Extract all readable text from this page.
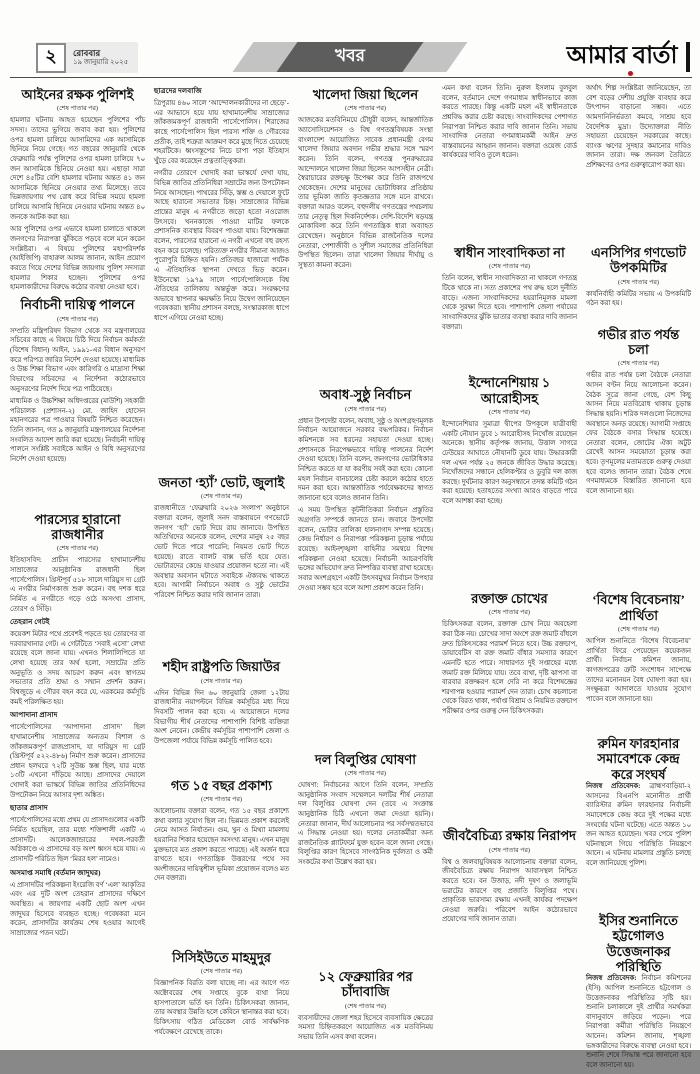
২ রোববার
১৯ জানুয়ারি ২০২৫	খবর	আমার বার্তা
আইনের রক্ষক পুলিশই
(শেষ পাতার পর)
হামলার ঘটনায় আহত হয়েছেন পুলিশের পাঁচ সদস্য। তাদের ভুগিয়ে জবাব করা হয়। পুলিশের ওপর হামলা চালিয়ে আসামিদের এক আসামিকে ছিনিয়ে নিয়ে গেছে। গত বছরের জানুয়ারি থেকে ফেব্রুয়ারি পর্যন্ত পুলিশের ওপর হামলা চালিয়ে ৭০ জন আসামিকে ছিনিয়ে নেওয়া হয়। এছাড়া সারা দেশে ৪৫টির বেশি হামলার ঘটনায় অন্তত ৪১ জন আসামিকে ছিনিয়ে নেওয়ার তথ্য মিলেছে। তবে ভিন্নজায়গায় পথ রোধ করে বিভিন্ন সময়ে হামলা চালিয়ে আসামি ছিনিয়ে নেওয়ার ঘটনায় অন্তত ৪০ জনকে আটক করা হয়।
আর পুলিশের ওপর এভাবে হামলা চালাতে থাকলে জনগণের নিরাপত্তা ঝুঁকিতে পড়বে বলে মনে করেন সংশ্লিষ্টরা। এ বিষয়ে পুলিশের মহাপরিদর্শক (আইজিপি) বাহারুল আলম জানান, আইন প্রয়োগ করতে গিয়ে দেশের বিভিন্ন জায়গায় পুলিশ সদস্যরা হামলার শিকার হচ্ছেন। পুলিশের ওপর হামলাকারীদের বিরুদ্ধে কঠোর ব্যবস্থা নেওয়া হবে।
নির্বাচনী দায়িত্ব পালনে
(শেষ পাতার পর)
সম্প্রতি মন্ত্রিপরিষদ বিভাগ থেকে সব মন্ত্রণালয়ের সচিবের কাছে এ বিষয়ে চিঠি দিয়ে নির্বাচন কর্মকর্তা (বিশেষ বিধান) আইন, ১৯৯১-এর বিধান অনুসরণ করে পরিপত্র জারির নির্দেশ দেওয়া হয়েছে। মাধ্যমিক ও উচ্চ শিক্ষা বিভাগ এবং কারিগরি ও মাদ্রাসা শিক্ষা বিভাগের সচিবদের এ নির্দেশনা কঠোরভাবে অনুসরণের নির্দেশ দিয়ে পত্র পাঠিয়েছে।
মাধ্যমিক ও উচ্চশিক্ষা অধিদপ্তরের (মাউশি) সহকারী পরিচালক (প্রশাসন-২) মো. জাহিদ হোসেন মহানগরের পত্র পাওয়ার বিষয়টি নিশ্চিত করেছেন। তিনি জানান, গত ৯ জানুয়ারি মন্ত্রণালয়ের নির্দেশনা সংবলিত আদেশ জারি করা হয়েছে। নির্বাচনী দায়িত্ব পালনে সংশ্লিষ্ট সবাইকে আইন ও বিধি অনুসরণের নির্দেশ দেওয়া হয়েছে।
পারস্যের হারানো রাজধানীর
(শেষ পাতার পর)
ইতিহাসবিদ: প্রাচীন পারস্যের হাখামানেশীয় সাম্রাজ্যের আনুষ্ঠানিক রাজধানী ছিল পার্সেপোলিস। খ্রিস্টপূর্ব ৫১৮ সালে দারিয়ুস দ্য গ্রেট এ নগরীর নির্মাণকাজ শুরু করেন। বহু দশক ধরে নির্মিত এ নগরীতে গড়ে ওঠে অসংখ্য প্রাসাদ, তোরণ ও সিঁড়ি।
তেহরান গেটই
কয়েকশ মিটার পথে প্রবেশই পড়তে হয় তোরণের বা দরবারখানার গেট। এ গেটটিতে ‘সবাই এসো’ লেখা রয়েছে বলে জানা যায়। এখনও শিলালিপিতে যা লেখা হয়েছে তার অর্থ হলো, সম্রাটের প্রতি অনুভূতি ও সদয় আচরণ করুন এবং স্বাগতম সভ্যতার প্রতি শ্রদ্ধা ও সম্মান প্রদর্শন করুন। বিশ্বজুড়ে এ গৌরব বহন করে যে, এরকমের কর্মসূচি কমই পরিলক্ষিত হয়।
আপাদানা প্রাসাদ
পার্সেপোলিসের ‘আপাদানা প্রাসাদ’ ছিল হাখামানেশীয় সাম্রাজ্যের অন্যতম বিশাল ও জাঁকজমকপূর্ণ রাজপ্রাসাদ, যা দারিয়ুস দ্য গ্রেট (খ্রিস্টপূর্ব ৫২২-৪৮৬) নির্মাণ শুরু করেন। প্রাসাদের প্রধান হলঘরে ৭২টি সুউচ্চ স্তম্ভ ছিল, যার মধ্যে ১৩টি এখনো দাঁড়িয়ে আছে। প্রাসাদের দেয়ালে খোদাই করা ভাস্কর্যে বিভিন্ন জাতির প্রতিনিধিদের উপঢৌকন নিয়ে আসার দৃশ্য অঙ্কিত।
ছাতার প্রাসাদ
পার্সেপোলিসের মধ্যে প্রথম যে প্রাসাদগুলোর একটি নির্মিত হয়েছিল, তার মধ্যে শক্তিশালী একটি এ প্রাসাদটি। আলেকজান্ডারের দখল-পরবর্তী অগ্নিকাণ্ডে এ প্রাসাদের বড় অংশ ধ্বংস হয়ে যায়। এ প্রাসাদটি পরিচিত ছিল ‘মিরর হল’ নামেও।
অসমাপ্ত সমাধি (বর্তমান জাদুঘর)
এ প্রাসাদটির পরিকল্পনা ইংরেজি বর্ণ ‘এল’ আকৃতির এবং এর দুটি অংশ তেহরান প্রাসাদের দক্ষিণে অবস্থিত। এ জায়গার একটি ছোট অংশ এখন জাদুঘর হিসেবে ব্যবহৃত হচ্ছে। গবেষকরা মনে করেন, প্রাসাদটির কার্যক্রম শেষ হওয়ার আগেই সাম্রাজ্যের পতন ঘটে।
ছাত্রদের দলবাজি
ত্রিপুরায় ৪৬০ সালে ‘আন্দোলনকারীদের না ছেড়ে’-এর আভাসে হয়ে যায় হাখামানেশীয় সাম্রাজ্যের জাঁকজমকপূর্ণ রাজধানী পার্সেপোলিস। শিরাজের কাছে পার্সেপোলিস ছিল পারস্য শক্তি ও গৌরবের প্রতীক, তাই শত্রুরা আক্রমণ করে মুছে দিতে চেয়েছে শহরটিকে। ধ্বংসস্তূপের নিচে চাপা পড়া ইতিহাস খুঁড়ে বের করেছেন প্রত্নতাত্ত্বিকরা।
নগরীর তোরণে খোদাই করা ভাস্কর্যে দেখা যায়, বিভিন্ন জাতির প্রতিনিধিরা সম্রাটের জন্য উপঢৌকন নিয়ে আসছেন। পাথরের সিঁড়ি, স্তম্ভ ও দেয়ালে ফুটে আছে হারানো সভ্যতার চিহ্ন। সাম্রাজ্যের বিভিন্ন প্রান্তের মানুষ এ নগরীতে জড়ো হতো নওরোজ উৎসবে। খননকাজে পাওয়া মাটির ফলকে প্রশাসনিক ব্যবস্থার বিবরণ পাওয়া যায়। বিশেষজ্ঞরা বলেন, পারস্যের হারানো এ নগরী এখনো বহু রহস্য বহন করে চলেছে। পরিত্যক্ত নগরীর সীমানা আজও পুরোপুরি চিহ্নিত হয়নি। প্রতিবছর হাজারো পর্যটক এ ঐতিহাসিক স্থাপনা দেখতে ভিড় করেন। ইউনেস্কো ১৯৭৯ সালে পার্সেপোলিসকে বিশ্ব ঐতিহ্যের তালিকায় অন্তর্ভুক্ত করে। সংরক্ষণের অভাবে স্থাপনার ক্ষয়ক্ষতি নিয়ে উদ্বেগ জানিয়েছেন গবেষকরা। স্থানীয় প্রশাসন বলছে, সংস্কারকাজ ধাপে ধাপে এগিয়ে নেওয়া হচ্ছে।
জনতা ‘হ্যাঁ’ ভোট, জুলাই
(শেষ পাতার পর)
রাজধানীতে ‘ফেব্রুয়ারি ২০২৬ সংলাপ’ অনুষ্ঠানে বক্তারা বলেন, জুলাই সনদ বাস্তবায়নে গণভোটে জনগণ ‘হ্যাঁ’ ভোট দিয়ে রায় জানাবে। উপস্থিত অতিথিদের অনেকে বলেন, দেশের মানুষ ২৫ বছর ভোট দিতে পারে পারেনি; নিয়মত ভোট দিতে হয়েছে। রাতে ব্যালট বাক্স ভর্তি হয়ে যেত। ভোটারদের কেন্দ্রে যাওয়ার প্রয়োজন হতো না। এই অবস্থার অবসান ঘটাতে সবাইকে ঐক্যবদ্ধ থাকতে হবে। আগামী নির্বাচনে অবাধ ও সুষ্ঠু ভোটের পরিবেশ নিশ্চিত করার দাবি জানান তারা।
শহীদ রাষ্ট্রপতি জিয়াউর
(শেষ পাতার পর)
এদিন বিভিন্ন দিন ৬০ জানুয়ারি জেলা ১২টায় রাজধানীর নয়াপল্টনে বিভিন্ন কর্মসূচির মধ্য দিয়ে দিবসটি পালন করা হবে। এ আয়োজনে দলের বিভাগীয় শীর্ষ নেতাদের পাশাপাশি বিশিষ্ট ব্যক্তিরা অংশ নেবেন। কেন্দ্রীয় কর্মসূচির পাশাপাশি জেলা ও উপজেলা পর্যায়ে বিভিন্ন কর্মসূচি পালিত হবে।
গত ১৫ বছর প্রকাশ্য
(শেষ পাতার পর)
আলোচনায় বক্তারা বলেন, গত ১৫ বছর প্রকাশ্যে কথা বলার সুযোগ ছিল না। ভিন্নমত প্রকাশ করলেই নেমে আসত নির্যাতন। গুম, খুন ও মিথ্যা মামলায় হয়রানির শিকার হয়েছেন অসংখ্য মানুষ। এখন মানুষ মুক্তভাবে মত প্রকাশ করতে পারছে। এই অর্জন ধরে রাখতে হবে। গণতান্ত্রিক উত্তরণের পথে সব অংশীজনের দায়িত্বশীল ভূমিকা প্রয়োজন বলেও মত দেন বক্তারা।
সিসিইউতে মাহমুদুর
(শেষ পাতার পর)
বিজ্ঞাপনিক বিরতি বলা যাচ্ছে না। এর আগে গত অক্টোবরের শেষ সপ্তাহে বুকে ব্যথা নিয়ে হাসপাতালে ভর্তি হন তিনি। চিকিৎসকরা জানান, তার অবস্থার উন্নতি হলে কেবিনে স্থানান্তর করা হবে। চিকিৎসায় গঠিত মেডিকেল বোর্ড সার্বক্ষণিক পর্যবেক্ষণে রেখেছে তাকে।
খালেদা জিয়া ছিলেন
(শেষ পাতার পর)
আজকের মতবিনিময়ে চৌধুরী বলেন, আন্তর্জাতিক অ্যাসোসিয়েশনস ও বিশ্ব গণতন্ত্রবিষয়ক সংস্থা বাংলাদেশ আয়োজিত সাবেক প্রধানমন্ত্রী বেগম খালেদা জিয়ার অবদান গভীর শ্রদ্ধার সঙ্গে স্মরণ করেন। তিনি বলেন, গণতন্ত্র পুনরুদ্ধারের আন্দোলনে খালেদা জিয়া ছিলেন আপসহীন নেত্রী। স্বৈরাচারের রক্তচক্ষু উপেক্ষা করে তিনি রাজপথে থেকেছেন। দেশের মানুষের ভোটাধিকার প্রতিষ্ঠায় তার ভূমিকা জাতি কৃতজ্ঞতার সঙ্গে মনে রাখবে। বক্তারা আরও বলেন, বহুদলীয় গণতন্ত্রের পথচলায় তার নেতৃত্ব ছিল দিকনির্দেশক। দেশি-বিদেশি ষড়যন্ত্র মোকাবিলা করে তিনি গণতান্ত্রিক ধারা অব্যাহত রেখেছেন। অনুষ্ঠানে বিভিন্ন রাজনৈতিক দলের নেতারা, পেশাজীবী ও সুশীল সমাজের প্রতিনিধিরা উপস্থিত ছিলেন। তারা খালেদা জিয়ার দীর্ঘায়ু ও সুস্থতা কামনা করেন।
অবাধ-সুষ্ঠু নির্বাচন
(শেষ পাতার পর)
প্রধান উপদেষ্টা বলেন, অবাধ, সুষ্ঠু ও অংশগ্রহণমূলক নির্বাচন আয়োজনে সরকার বদ্ধপরিকর। নির্বাচন কমিশনকে সব ধরনের সহায়তা দেওয়া হচ্ছে। প্রশাসনকে নিরপেক্ষভাবে দায়িত্ব পালনের নির্দেশ দেওয়া হয়েছে। তিনি বলেন, জনগণের ভোটাধিকার নিশ্চিত করতে যা যা করণীয় সবই করা হবে। কোনো মহল নির্বাচন বানচালের চেষ্টা করলে কঠোর হাতে দমন করা হবে। আন্তর্জাতিক পর্যবেক্ষকদের স্বাগত জানানো হবে বলেও জানান তিনি।
এ সময় উপস্থিত কূটনীতিকরা নির্বাচন প্রস্তুতির অগ্রগতি সম্পর্কে জানতে চান। জবাবে উপদেষ্টা বলেন, ভোটার তালিকা হালনাগাদ সম্পন্ন হয়েছে। কেন্দ্র নির্ধারণ ও নিরাপত্তা পরিকল্পনা চূড়ান্ত পর্যায়ে রয়েছে। আইনশৃঙ্খলা বাহিনীর সমন্বয়ে বিশেষ পরিকল্পনা নেওয়া হয়েছে। নির্বাচনী আচরণবিধি ভঙ্গের অভিযোগ দ্রুত নিষ্পত্তির ব্যবস্থা রাখা হয়েছে। সবার অংশগ্রহণে একটি উৎসবমুখর নির্বাচন উপহার দেওয়া সম্ভব হবে বলে আশা প্রকাশ করেন তিনি।
দল বিলুপ্তির ঘোষণা
(শেষ পাতার পর)
ঘোষণা: নির্বাচনের আগে তিনি বলেন, সম্প্রতি আনুষ্ঠানিক সংবাদ সম্মেলনে দলটির শীর্ষ নেতারা দল বিলুপ্তির ঘোষণা দেন (তবে এ সংক্রান্ত আনুষ্ঠানিক চিঠি এখনো জমা দেওয়া হয়নি)। নেতারা জানান, দীর্ঘ আলোচনার পর সর্বসম্মতভাবে এ সিদ্ধান্ত নেওয়া হয়। দলের নেতাকর্মীরা অন্য রাজনৈতিক প্ল্যাটফর্মে যুক্ত হবেন বলে জানা গেছে। বিলুপ্তির কারণ হিসেবে সাংগঠনিক দুর্বলতা ও কর্মী সংকটের কথা উল্লেখ করা হয়।
১২ ফেব্রুয়ারির পর চাঁদাবাজি
(শেষ পাতার পর)
ব্যবসায়ীদের জেলা শহর হিসেবে ব্যবসায়িক ক্ষেত্রের সমস্যা চিহ্নিতকরণে আয়োজিত এক মতবিনিময় সভায় তিনি এসব কথা বলেন।
এমন কথা বলেন তিনি। নুরুল ইসলাম বুলবুল বলেন, বর্তমানে দেশে গণমাধ্যম স্বাধীনভাবে কাজ করতে পারছে। কিন্তু একটি মহল এই স্বাধীনতাকে প্রশ্নবিদ্ধ করার চেষ্টা করছে। সাংবাদিকদের পেশাগত নিরাপত্তা নিশ্চিত করার দাবি জানান তিনি। সভায় সাংবাদিক নেতারা গণমাধ্যমকর্মী আইন দ্রুত বাস্তবায়নের আহ্বান জানান। বক্তারা ওয়েজ বোর্ড কার্যকরের দাবিও তুলে ধরেন।
স্বাধীন সাংবাদিকতা না
(শেষ পাতার পর)
তিনি বলেন, স্বাধীন সাংবাদিকতা না থাকলে গণতন্ত্র টিকে থাকে না। সত্য প্রকাশের পথ রুদ্ধ হলে দুর্নীতি বাড়ে। এজন্য সাংবাদিকদের হয়রানিমূলক মামলা থেকে সুরক্ষা দিতে হবে। পাশাপাশি জেলা পর্যায়ের সাংবাদিকদের ঝুঁকি ভাতার ব্যবস্থা করার দাবি জানান বক্তারা।
ইন্দোনেশিয়ায় ১ আরোহীসহ
(শেষ পাতার পর)
ইন্দোনেশিয়ার সুমাত্রা দ্বীপের উপকূলে যাত্রীবাহী একটি নৌযান ডুবে ১ আরোহীসহ নিখোঁজ রয়েছেন অনেকে। স্থানীয় কর্তৃপক্ষ জানায়, উত্তাল সাগরে ঢেউয়ের আঘাতে নৌযানটি ডুবে যায়। উদ্ধারকারী দল এখন পর্যন্ত ২৫ জনকে জীবিত উদ্ধার করেছে। নিখোঁজদের সন্ধানে হেলিকপ্টার ও ডুবুরি দল কাজ করছে। দুর্ঘটনার কারণ অনুসন্ধানে তদন্ত কমিটি গঠন করা হয়েছে। হতাহতের সংখ্যা আরও বাড়তে পারে বলে আশঙ্কা করা হচ্ছে।
রক্তাক্ত চোখের
(শেষ পাতার পর)
চিকিৎসকরা বলেন, রক্তাক্ত চোখ নিয়ে অবহেলা করা ঠিক নয়। চোখের সাদা অংশে রক্ত জমাট বাঁধলে দ্রুত চিকিৎসকের পরামর্শ নিতে হবে। উচ্চ রক্তচাপ, ডায়াবেটিস বা রক্ত জমাট বাঁধার সমস্যার কারণে এমনটি হতে পারে। সাধারণত দুই সপ্তাহের মধ্যে জমাট রক্ত মিলিয়ে যায়। তবে ব্যথা, দৃষ্টি ঝাপসা বা বারবার রক্তক্ষরণ হলে দেরি না করে বিশেষজ্ঞের শরণাপন্ন হওয়ার পরামর্শ দেন তারা। চোখ কচলানো থেকে বিরত থাকা, পর্যাপ্ত বিশ্রাম ও নিয়মিত রক্তচাপ পরীক্ষার ওপর গুরুত্ব দেন চিকিৎসকরা।
জীববৈচিত্র্য রক্ষায় নিরাপদ
(শেষ পাতার পর)
বিশ্ব ও জলবায়ুবিষয়ক আলোচনায় বক্তারা বলেন, জীববৈচিত্র্য রক্ষায় নিরাপদ আবাসস্থল নিশ্চিত করতে হবে। বন উজাড়, নদী দূষণ ও জলাভূমি ভরাটের কারণে বহু প্রজাতি বিলুপ্তির পথে। প্রাকৃতিক ভারসাম্য রক্ষায় এখনই কার্যকর পদক্ষেপ নেওয়া জরুরি। পরিবেশ আইন কঠোরভাবে প্রয়োগের দাবি জানান তারা।
অর্থাৎ শিল্প সংশ্লিষ্টরা জানিয়েছেন, তা বেশ বড়ের দেশীয় প্রযুক্তি ব্যবহার করে উৎপাদন বাড়ানো সম্ভব। এতে আমদানিনির্ভরতা কমবে, সাশ্রয় হবে বৈদেশিক মুদ্রা। উদ্যোক্তারা নীতি সহায়তা চেয়েছেন সরকারের কাছে। ব্যাংক ঋণের সুদহার কমানোর দাবিও জানান তারা। দক্ষ জনবল তৈরিতে প্রশিক্ষণের ওপর গুরুত্বারোপ করা হয়।
এনসিপির গণভোট উপকমিটির
(শেষ পাতার পর)
কার্যনির্বাহী কমিটির সভায় এ উপকমিটি গঠন করা হয়।
গভীর রাত পর্যন্ত চলা
(শেষ পাতার পর)
গভীর রাত পর্যন্ত চলা বৈঠকে নেতারা আসন বণ্টন নিয়ে আলোচনা করেন। বৈঠক সূত্রে জানা গেছে, বেশ কিছু আসন নিয়ে মতবিরোধ থাকায় চূড়ান্ত সিদ্ধান্ত হয়নি। শরিক দলগুলো নিজেদের অবস্থানে অনড় রয়েছে। আগামী সপ্তাহে ফের বৈঠকে বসার সিদ্ধান্ত হয়েছে। নেতারা বলেন, জোটের ঐক্য অটুট রেখেই আসন সমঝোতা চূড়ান্ত করা হবে। তৃণমূলের মতামতকে গুরুত্ব দেওয়া হবে বলেও জানান তারা। বৈঠক শেষে গণমাধ্যমকে বিস্তারিত জানানো হবে বলে জানানো হয়।
‘বিশেষ বিবেচনায়’ প্রার্থিতা
(শেষ পাতার পর)
আপিল শুনানিতে ‘বিশেষ বিবেচনায়’ প্রার্থিতা ফিরে পেয়েছেন কয়েকজন প্রার্থী। নির্বাচন কমিশন জানায়, কাগজপত্রের ত্রুটি সংশোধন সাপেক্ষে তাদের মনোনয়ন বৈধ ঘোষণা করা হয়। সংক্ষুব্ধরা আদালতে যাওয়ার সুযোগ পাবেন বলে জানানো হয়।
রুমিন ফারহানার সমাবেশকে কেন্দ্র করে সংঘর্ষ
নিজস্ব প্রতিবেদক: ব্রাহ্মণবাড়িয়া-২ আসনের বিএনপি মনোনীত প্রার্থী ব্যারিস্টার রুমিন ফারহানার নির্বাচনী সমাবেশকে কেন্দ্র করে দুই পক্ষের মধ্যে সংঘর্ষের ঘটনা ঘটেছে। এতে অন্তত ১০ জন আহত হয়েছেন। খবর পেয়ে পুলিশ ঘটনাস্থলে গিয়ে পরিস্থিতি নিয়ন্ত্রণে আনে। এ ঘটনায় মামলার প্রস্তুতি চলছে বলে জানিয়েছে পুলিশ।
ইসির শুনানিতে হট্টগোলও উত্তেজনাকর পরিস্থিতি
নিজস্ব প্রতিবেদক: নির্বাচন কমিশনের (ইসি) আপিল শুনানিতে হট্টগোল ও উত্তেজনাকর পরিস্থিতির সৃষ্টি হয়। শুনানি চলাকালে দুই প্রার্থীর সমর্থকরা বাদানুবাদে জড়িয়ে পড়েন। পরে নিরাপত্তা কর্মীরা পরিস্থিতি নিয়ন্ত্রণে আনেন। কমিশন জানায়, শৃঙ্খলা ভঙ্গকারীদের বিরুদ্ধে ব্যবস্থা নেওয়া হবে। শুনানি শেষে সিদ্ধান্ত পরে জানানো হবে বলে জানানো হয়।
